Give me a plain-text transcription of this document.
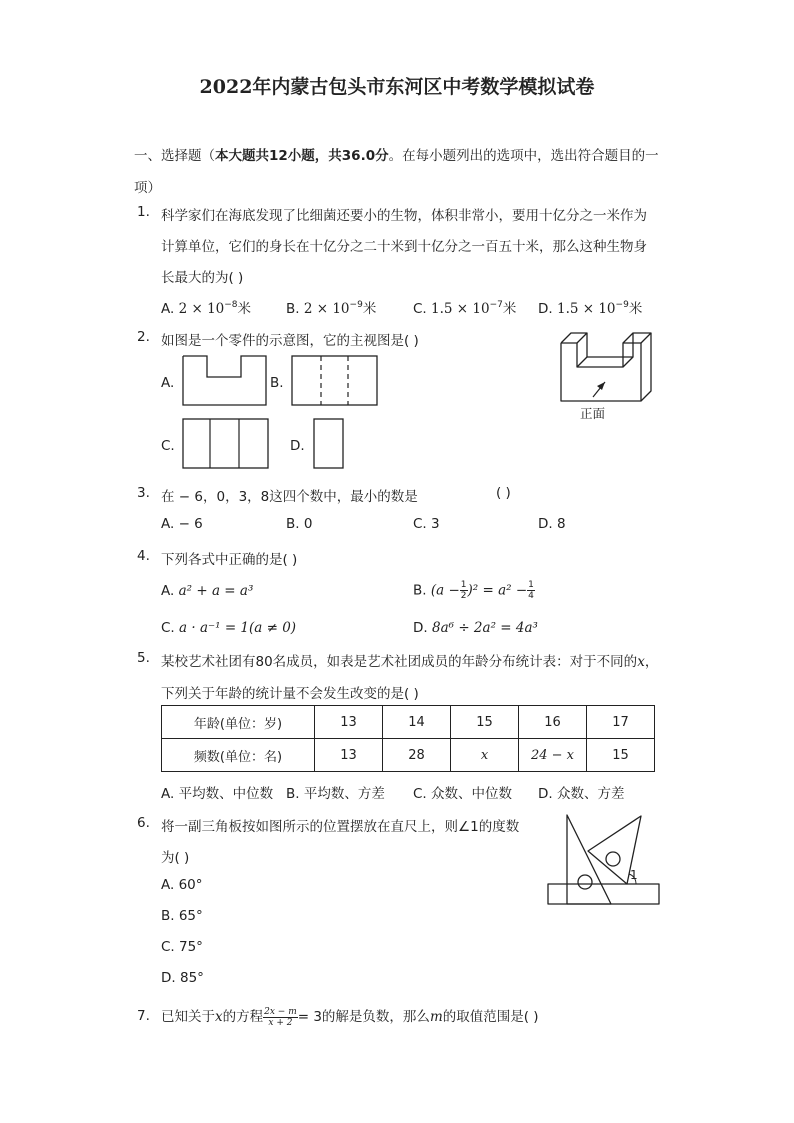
2022年内蒙古包头市东河区中考数学模拟试卷
一、选择题（本大题共12小题，共36.0分。在每小题列出的选项中，选出符合题目的一项）
1. 科学家们在海底发现了比细菌还要小的生物，体积非常小，要用十亿分之一米作为
计算单位，它们的身长在十亿分之二十米到十亿分之一百五十米，那么这种生物身
长最大的为( )
A. $2 \times 10^{-8}$米	B. $2 \times 10^{-9}$米	C. $1.5 \times 10^{-7}$米 D. $1.5 \times 10^{-9}$米
2. 如图是一个零件的示意图，它的主视图是( )
A.	B.
C.	D.
正面
3. 在 − 6，0，3，8这四个数中，最小的数是	( )
A. − 6	B. 0	C. 3	D. 8
4. 下列各式中正确的是( )
A. a² + a = a³	B. $(a - \frac{1}{2} )^2 = a^2 - \frac{1}{4}$
C. a · a⁻¹ = 1(a ≠ 0)	D. 8a⁶ ÷ 2a² = 4a³
5. 某校艺术社团有80名成员，如表是艺术社团成员的年龄分布统计表：对于不同的x，
下列关于年龄的统计量不会发生改变的是( )
年龄(单位：岁)	13	14	15	16	17
频数(单位：名)	13	28	x	24 − x	15
A. 平均数、中位数 B. 平均数、方差 C. 众数、中位数 D. 众数、方差
6. 将一副三角板按如图所示的位置摆放在直尺上，则∠1的度数
为( )
A. 60°
B. 65°
C. 75°
D. 85°
1
7. 已知关于x的方程 $\frac{2x - m}{x + 2} = 3$的解是负数，那么m的取值范围是( )
